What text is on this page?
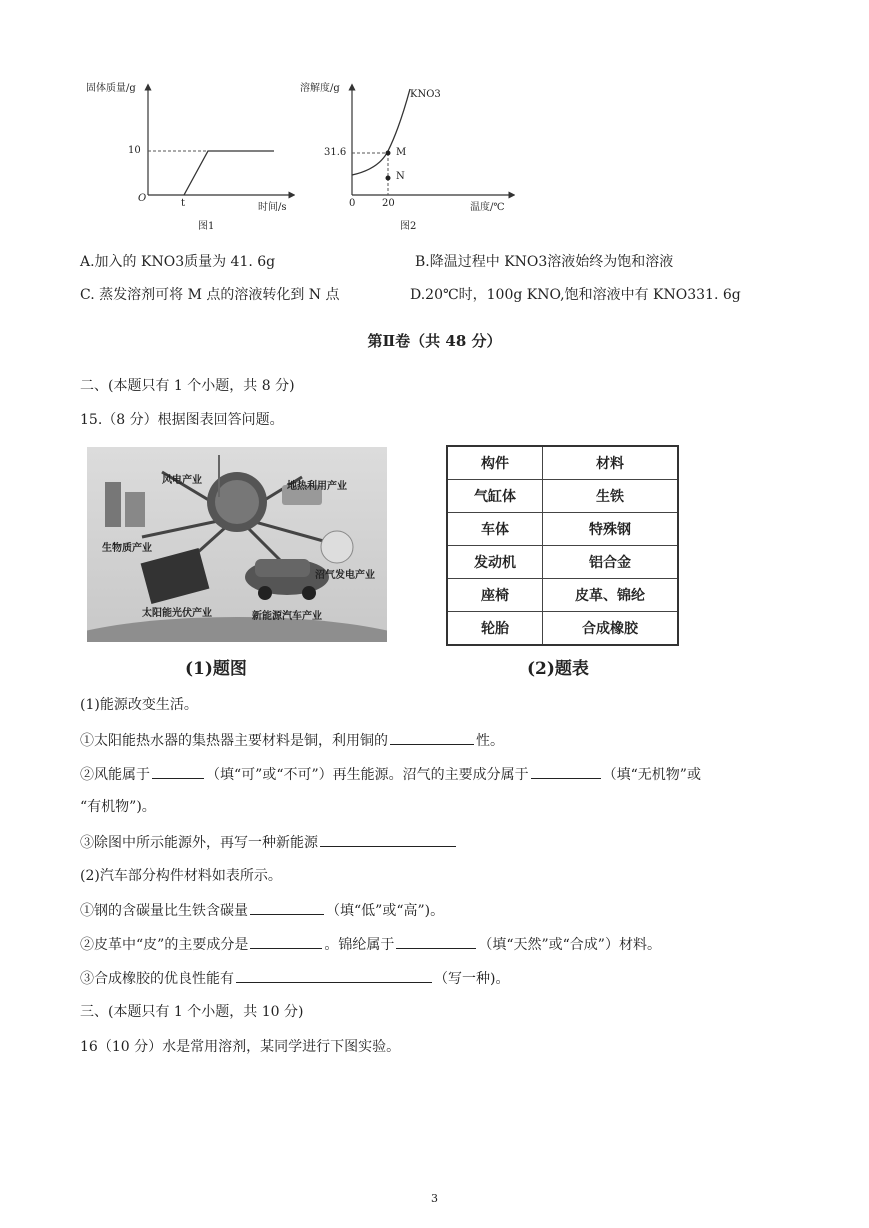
固体质量/g
时间/s
O
10
t
图1
溶解度/g
KNO3
温度/℃
31.6
0	20
M
N
图2
A.加入的 KNO3质量为 41. 6g	B.降温过程中 KNO3溶液始终为饱和溶液
C. 蒸发溶剂可将 M 点的溶液转化到 N 点	D.20℃时，100g KNO,饱和溶液中有 KNO331. 6g
第Ⅱ卷（共 48 分）
二、(本题只有 1 个小题，共 8 分)
15.（8 分）根据图表回答问题。
风电产业
地热利用产业
生物质产业
沼气发电产业
太阳能光伏产业	新能源汽车产业
(1)题图
构件	材料
气缸体	生铁
车体	特殊钢
发动机	铝合金
座椅	皮革、锦纶
轮胎	合成橡胶
(2)题表
(1)能源改变生活。
①太阳能热水器的集热器主要材料是铜，利用铜的	性。
②风能属于	（填“可”或“不可”）再生能源。沼气的主要成分属于	（填“无机物”或
“有机物”)。
③除图中所示能源外，再写一种新能源
(2)汽车部分构件材料如表所示。
①钢的含碳量比生铁含碳量	（填“低”或“高”)。
②皮革中“皮”的主要成分是	。锦纶属于	（填“天然”或“合成”）材料。
③合成橡胶的优良性能有	（写一种)。
三、(本题只有 1 个小题，共 10 分)
16（10 分）水是常用溶剂，某同学进行下图实验。
3
